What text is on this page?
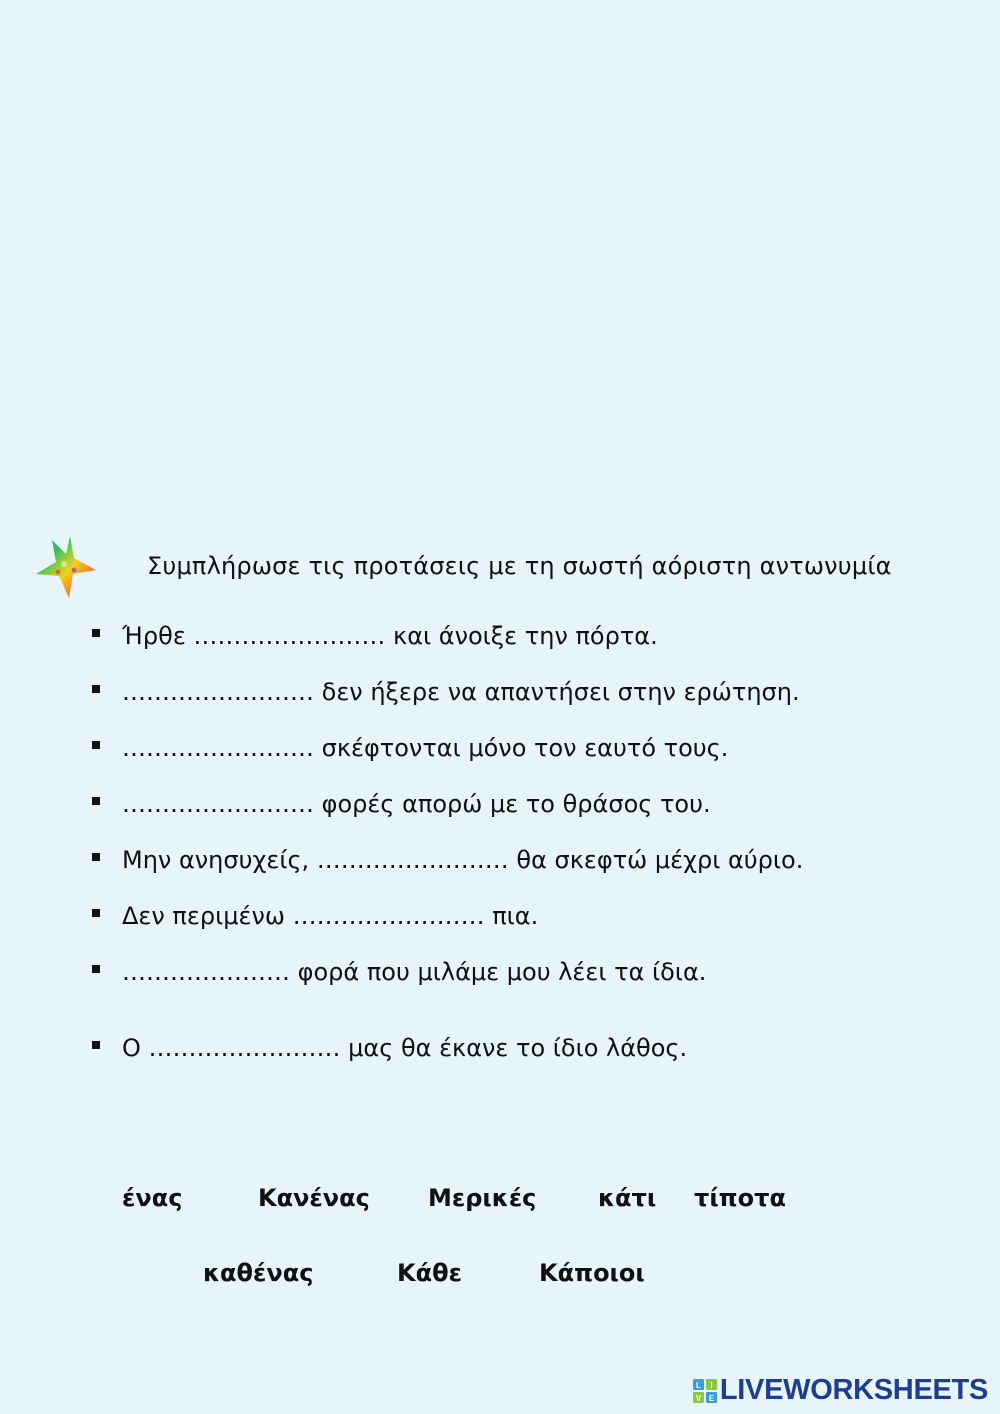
Συμπλήρωσε τις προτάσεις με τη σωστή αόριστη αντωνυμία
Ήρθε …………………… και άνοιξε την πόρτα.
…………………… δεν ήξερε να απαντήσει στην ερώτηση.
…………………… σκέφτονται μόνο τον εαυτό τους.
…………………… φορές απορώ με το θράσος του.
Μην ανησυχείς, …………………… θα σκεφτώ μέχρι αύριο.
Δεν περιμένω …………………… πια.
………………… φορά που μιλάμε μου λέει τα ίδια.
Ο …………………… μας θα έκανε το ίδιο λάθος.
ένας	Κανένας Μερικές	κάτι τίποτα
καθένας	Κάθε	Κάποιοι
L I
V E LIVEWORKSHEETS
